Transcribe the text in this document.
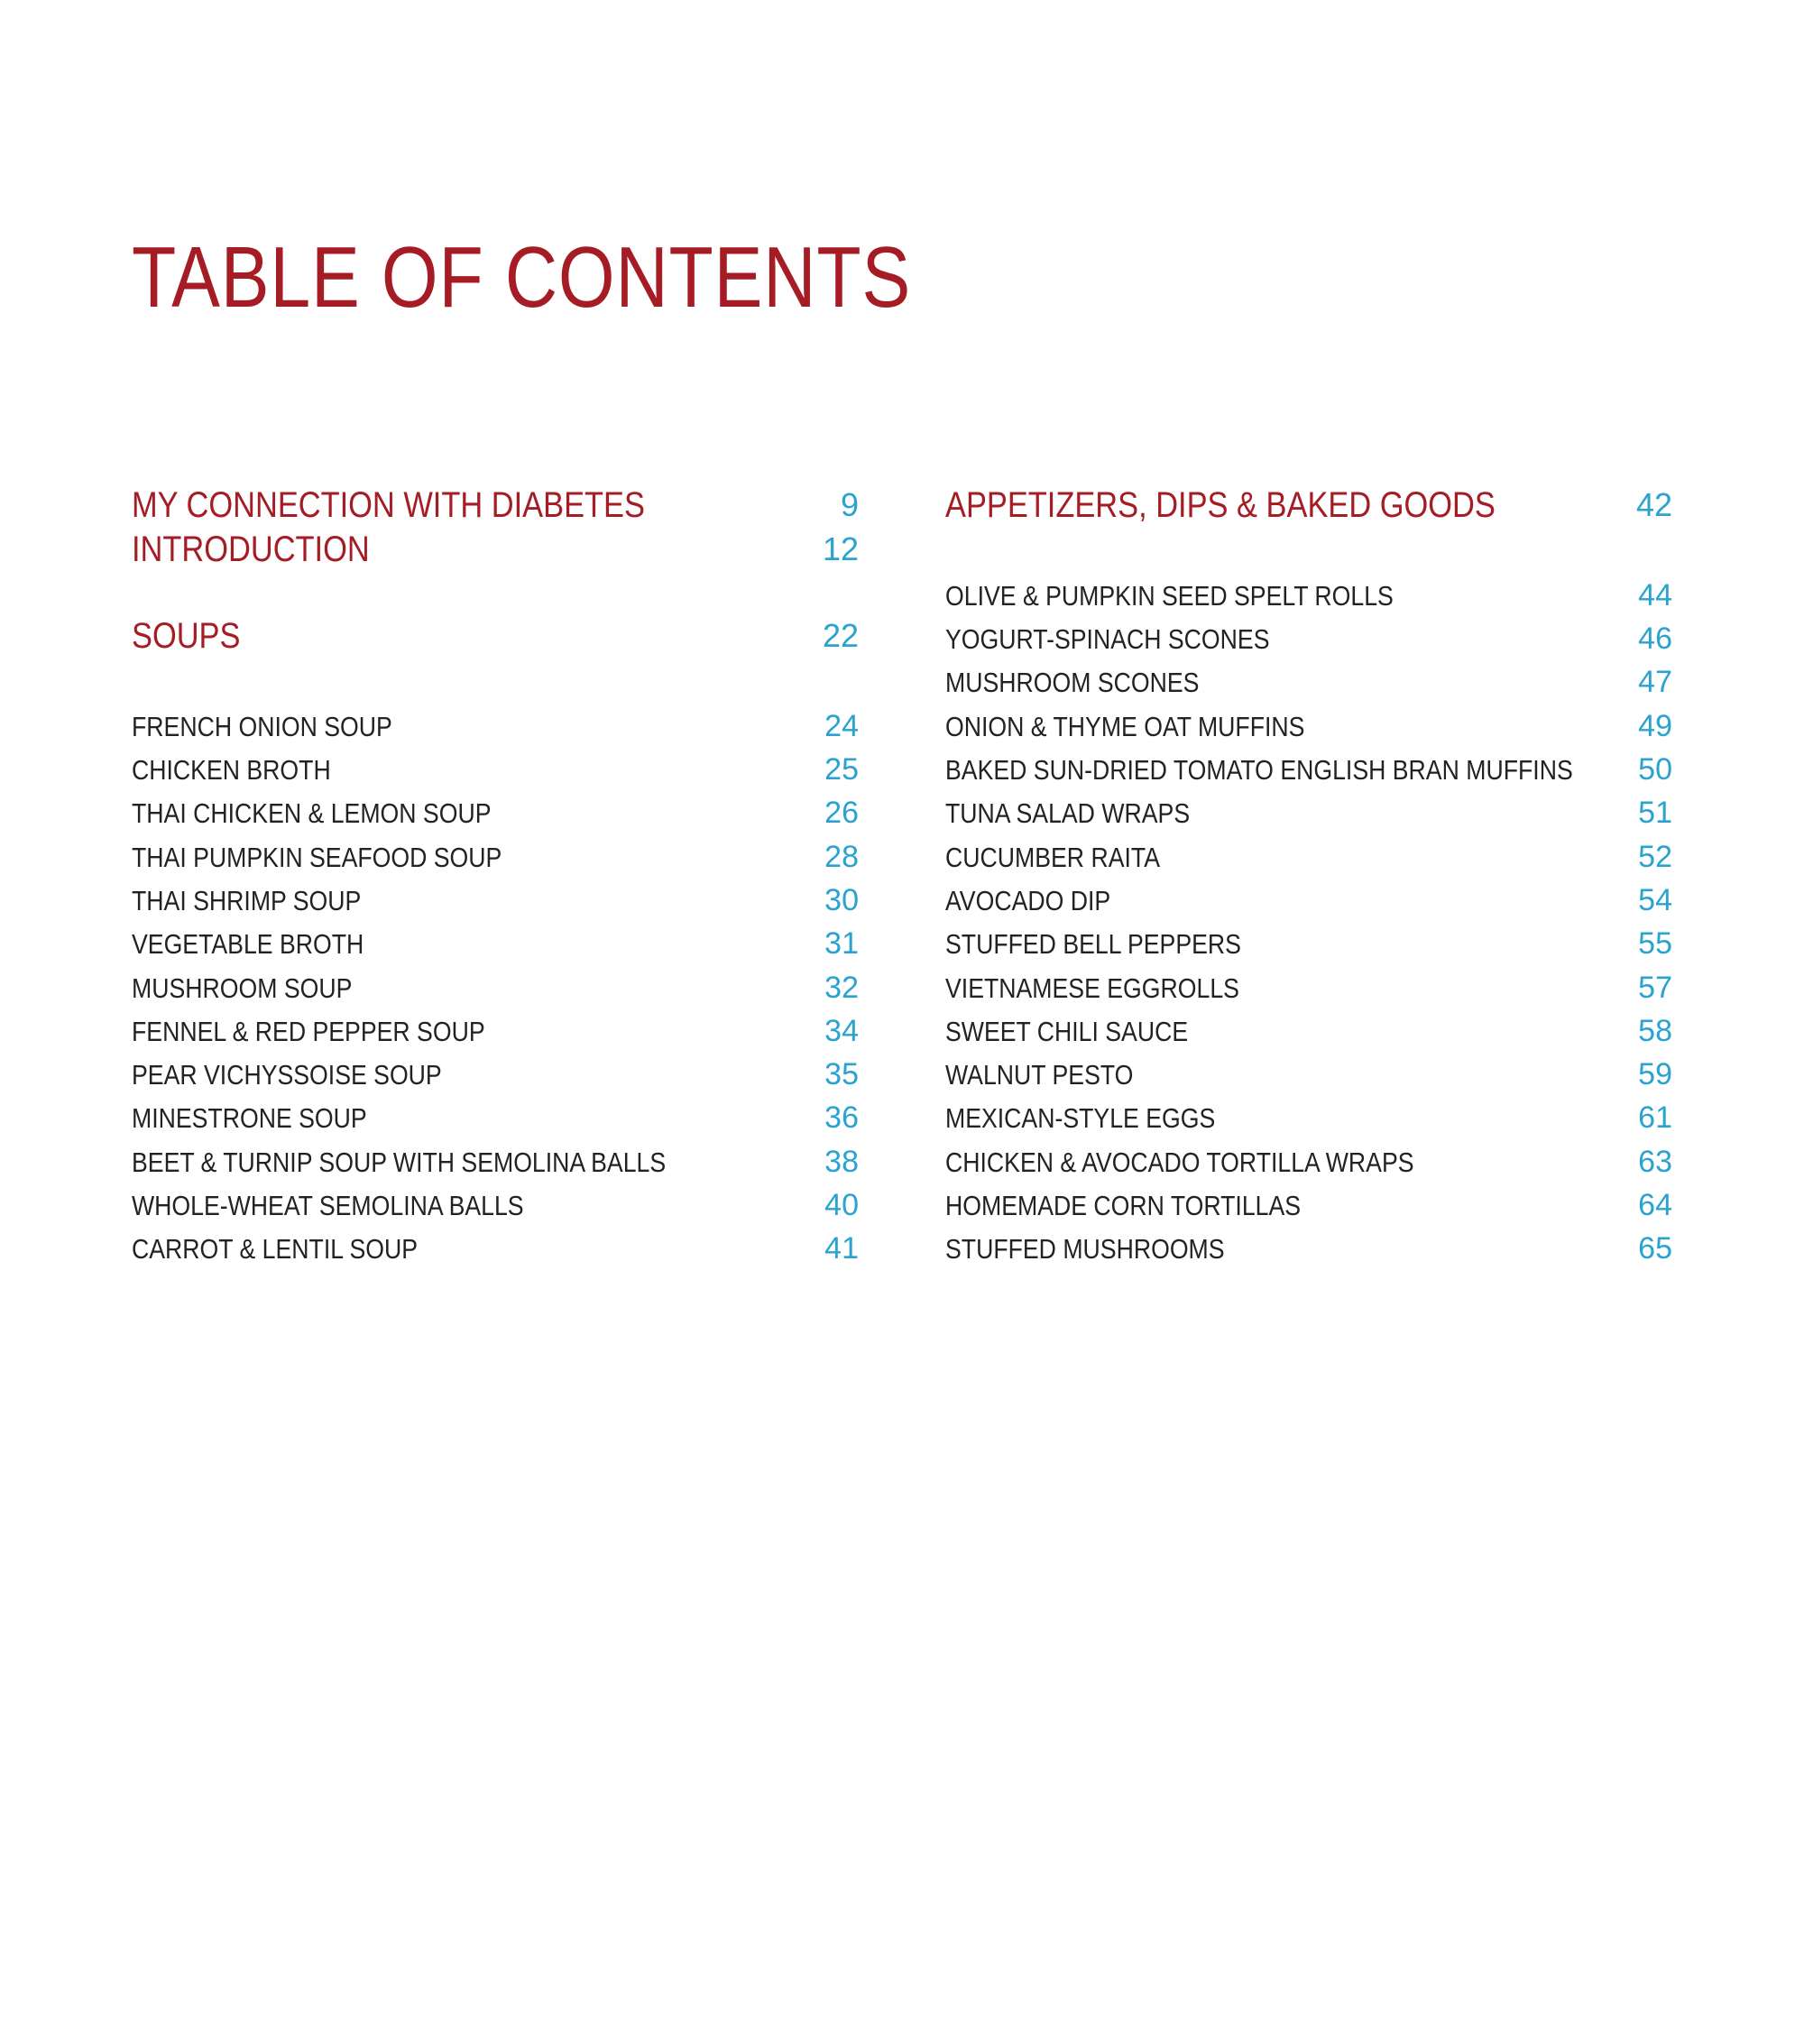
TABLE OF CONTENTS
MY CONNECTION WITH DIABETES	9
INTRODUCTION	12
SOUPS	22
FRENCH ONION SOUP	24
CHICKEN BROTH	25
THAI CHICKEN & LEMON SOUP	26
THAI PUMPKIN SEAFOOD SOUP	28
THAI SHRIMP SOUP	30
VEGETABLE BROTH	31
MUSHROOM SOUP	32
FENNEL & RED PEPPER SOUP	34
PEAR VICHYSSOISE SOUP	35
MINESTRONE SOUP	36
BEET & TURNIP SOUP WITH SEMOLINA BALLS	38
WHOLE-WHEAT SEMOLINA BALLS	40
CARROT & LENTIL SOUP	41
APPETIZERS, DIPS & BAKED GOODS	42
OLIVE & PUMPKIN SEED SPELT ROLLS	44
YOGURT-SPINACH SCONES	46
MUSHROOM SCONES	47
ONION & THYME OAT MUFFINS	49
BAKED SUN-DRIED TOMATO ENGLISH BRAN MUFFINS 50
TUNA SALAD WRAPS	51
CUCUMBER RAITA	52
AVOCADO DIP	54
STUFFED BELL PEPPERS	55
VIETNAMESE EGGROLLS	57
SWEET CHILI SAUCE	58
WALNUT PESTO	59
MEXICAN-STYLE EGGS	61
CHICKEN & AVOCADO TORTILLA WRAPS	63
HOMEMADE CORN TORTILLAS	64
STUFFED MUSHROOMS	65
